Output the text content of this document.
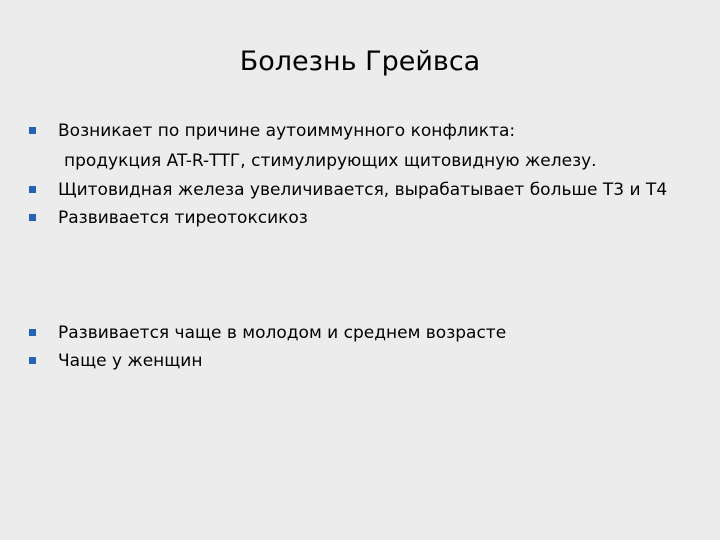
Болезнь Грейвса
Возникает по причине аутоиммунного конфликта:
продукция AT-R-ТТГ, стимулирующих щитовидную железу.
Щитовидная железа увеличивается, вырабатывает больше Т3 и Т4
Развивается тиреотоксикоз
Развивается чаще в молодом и среднем возрасте
Чаще у женщин
